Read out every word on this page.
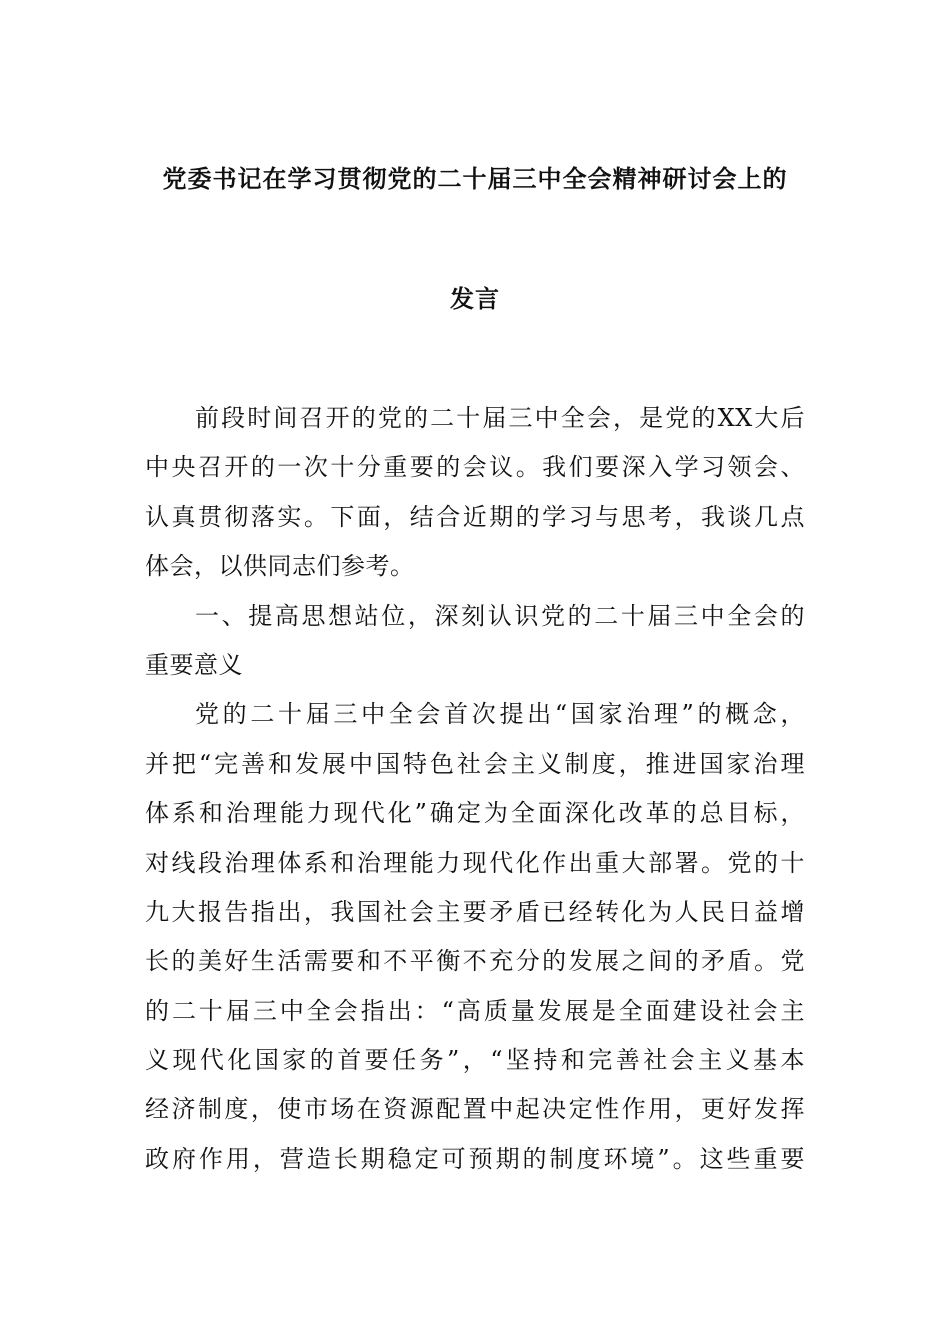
党委书记在学习贯彻党的二十届三中全会精神研讨会上的
发言
前段时间召开的党的二十届三中全会，是党的XX大后
中央召开的一次十分重要的会议。我们要深入学习领会、
认真贯彻落实。下面，结合近期的学习与思考，我谈几点
体会，以供同志们参考。
一、提高思想站位，深刻认识党的二十届三中全会的
重要意义
党的二十届三中全会首次提出“国家治理”的概念，
并把“完善和发展中国特色社会主义制度，推进国家治理
体系和治理能力现代化”确定为全面深化改革的总目标，
对线段治理体系和治理能力现代化作出重大部署。党的十
九大报告指出，我国社会主要矛盾已经转化为人民日益增
长的美好生活需要和不平衡不充分的发展之间的矛盾。党
的二十届三中全会指出：“高质量发展是全面建设社会主
义现代化国家的首要任务”，“坚持和完善社会主义基本
经济制度，使市场在资源配置中起决定性作用，更好发挥
政府作用，营造长期稳定可预期的制度环境”。这些重要
